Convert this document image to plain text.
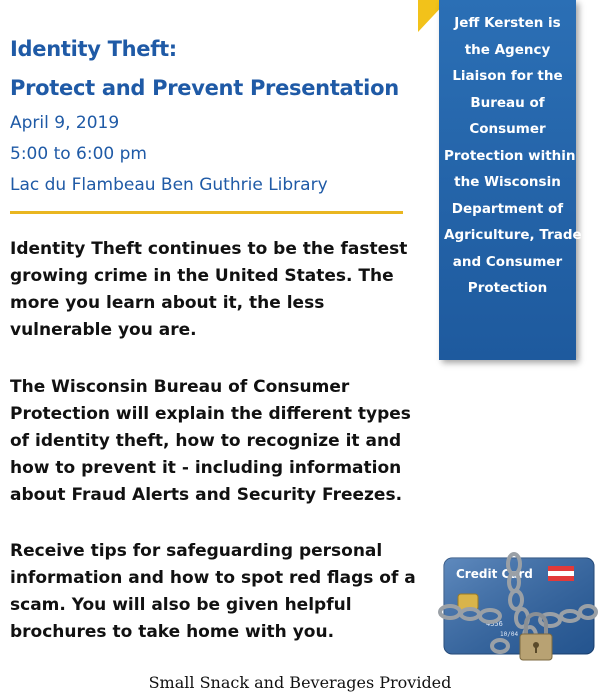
Identity Theft:
Protect and Prevent Presentation
April 9, 2019
5:00 to 6:00 pm
Lac du Flambeau Ben Guthrie Library

Identity Theft continues to be the fastest growing crime in the United States. The more you learn about it, the less vulnerable you are.

The Wisconsin Bureau of Consumer Protection will explain the different types of identity theft, how to recognize it and how to prevent it - including information about Fraud Alerts and Security Freezes.

Receive tips for safeguarding personal information and how to spot red flags of a scam. You will also be given helpful brochures to take home with you.

Jeff Kersten is
the Agency
Liaison for the
Bureau of
Consumer
Protection within
the Wisconsin
Department of
Agriculture, Trade
and Consumer
Protection
Credit Card
4556
10/04
Small Snack and Beverages Provided
